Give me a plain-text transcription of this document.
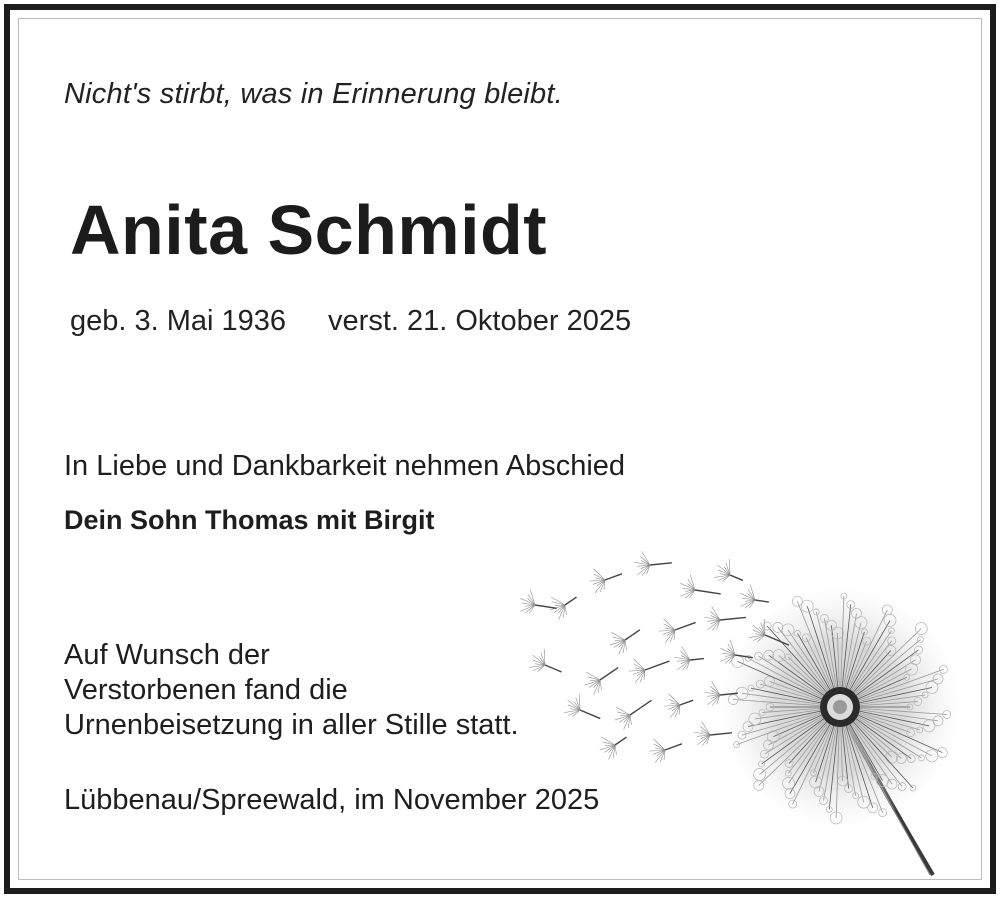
Nicht's stirbt, was in Erinnerung bleibt.
Anita Schmidt
geb. 3. Mai 1936 verst. 21. Oktober 2025
In Liebe und Dankbarkeit nehmen Abschied
Dein Sohn Thomas mit Birgit
Auf Wunsch der
Verstorbenen fand die
Urnenbeisetzung in aller Stille statt.
Lübbenau/Spreewald, im November 2025
